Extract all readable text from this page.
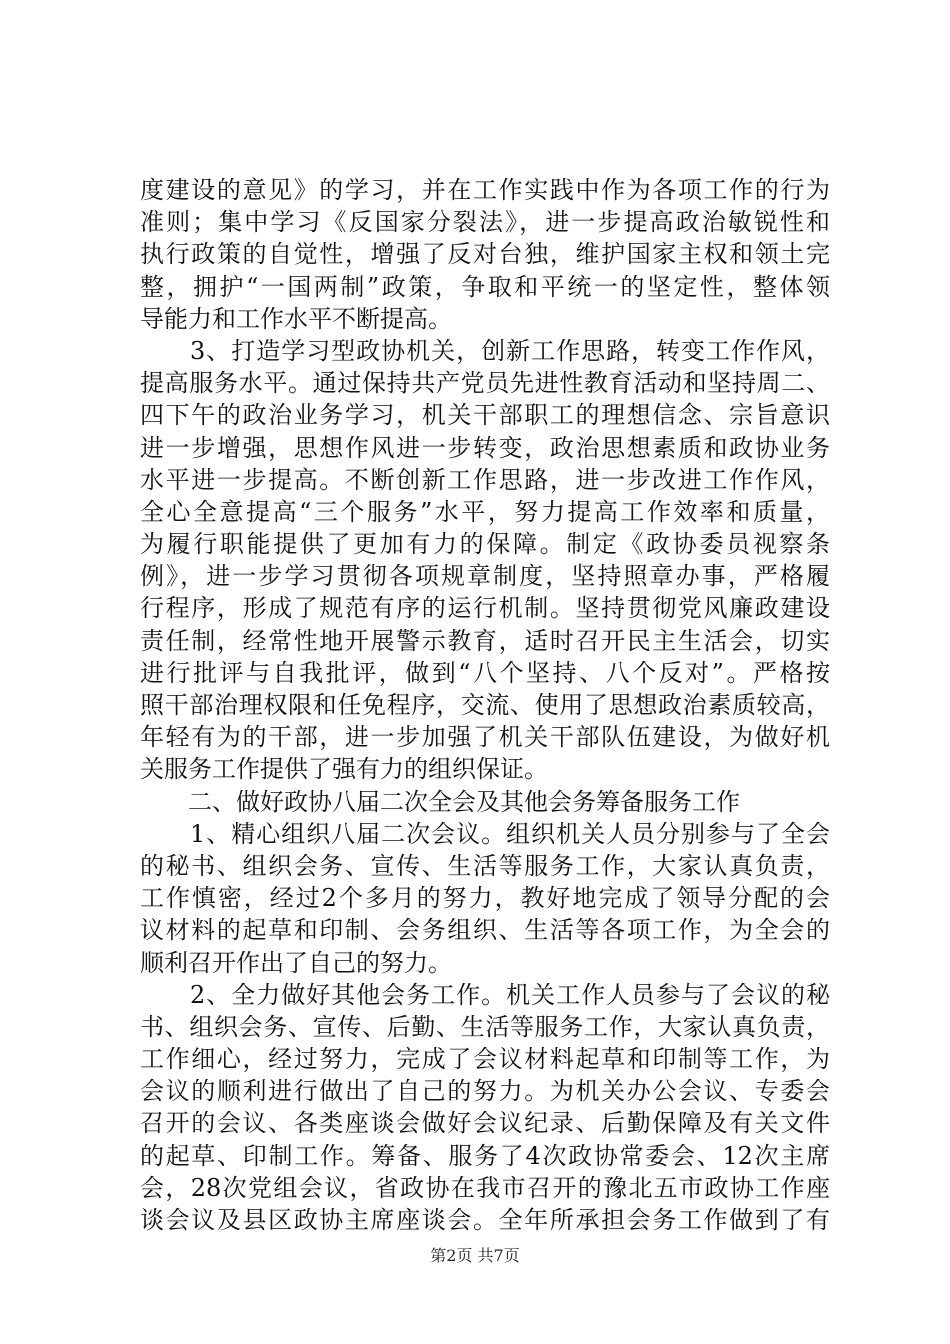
度建设的意见》的学习，并在工作实践中作为各项工作的行为
准则；集中学习《反国家分裂法》，进一步提高政治敏锐性和
执行政策的自觉性，增强了反对台独，维护国家主权和领土完
整，拥护“一国两制”政策，争取和平统一的坚定性，整体领
导能力和工作水平不断提高。
　　3、打造学习型政协机关，创新工作思路，转变工作作风，
提高服务水平。通过保持共产党员先进性教育活动和坚持周二、
四下午的政治业务学习，机关干部职工的理想信念、宗旨意识
进一步增强，思想作风进一步转变，政治思想素质和政协业务
水平进一步提高。不断创新工作思路，进一步改进工作作风，
全心全意提高“三个服务”水平，努力提高工作效率和质量，
为履行职能提供了更加有力的保障。制定《政协委员视察条
例》，进一步学习贯彻各项规章制度，坚持照章办事，严格履
行程序，形成了规范有序的运行机制。坚持贯彻党风廉政建设
责任制，经常性地开展警示教育，适时召开民主生活会，切实
进行批评与自我批评，做到“八个坚持、八个反对”。严格按
照干部治理权限和任免程序，交流、使用了思想政治素质较高，
年轻有为的干部，进一步加强了机关干部队伍建设，为做好机
关服务工作提供了强有力的组织保证。
　　二、做好政协八届二次全会及其他会务筹备服务工作
　　1、精心组织八届二次会议。组织机关人员分别参与了全会
的秘书、组织会务、宣传、生活等服务工作，大家认真负责，
工作慎密，经过2个多月的努力，教好地完成了领导分配的会
议材料的起草和印制、会务组织、生活等各项工作，为全会的
顺利召开作出了自己的努力。
　　2、全力做好其他会务工作。机关工作人员参与了会议的秘
书、组织会务、宣传、后勤、生活等服务工作，大家认真负责，
工作细心，经过努力，完成了会议材料起草和印制等工作，为
会议的顺利进行做出了自己的努力。为机关办公会议、专委会
召开的会议、各类座谈会做好会议纪录、后勤保障及有关文件
的起草、印制工作。筹备、服务了4次政协常委会、12次主席
会，28次党组会议，省政协在我市召开的豫北五市政协工作座
谈会议及县区政协主席座谈会。全年所承担会务工作做到了有
第2页 共7页
